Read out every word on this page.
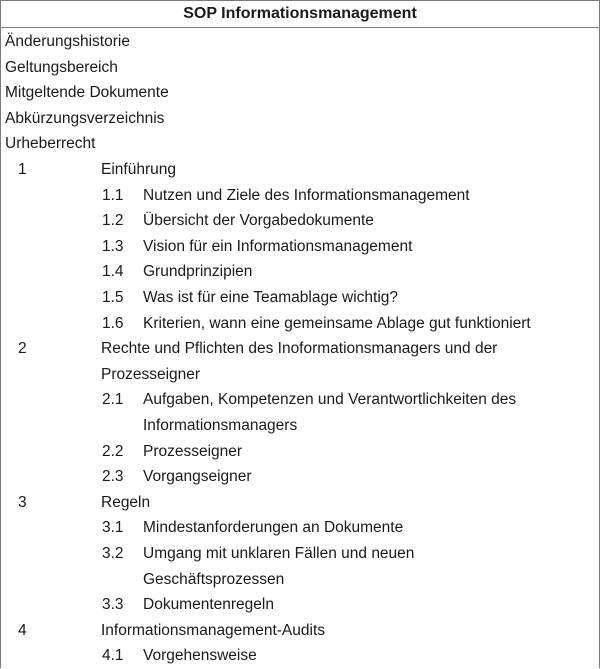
SOP Informationsmanagement
Änderungshistorie
Geltungsbereich
Mitgeltende Dokumente
Abkürzungsverzeichnis
Urheberrecht
1	Einführung
1.1 Nutzen und Ziele des Informationsmanagement
1.2 Übersicht der Vorgabedokumente
1.3 Vision für ein Informationsmanagement
1.4 Grundprinzipien
1.5 Was ist für eine Teamablage wichtig?
1.6 Kriterien, wann eine gemeinsame Ablage gut funktioniert
2	Rechte und Pflichten des Inoformationsmanagers und der
Prozesseigner
2.1 Aufgaben, Kompetenzen und Verantwortlichkeiten des
Informationsmanagers
2.2 Prozesseigner
2.3 Vorgangseigner
3	Regeln
3.1 Mindestanforderungen an Dokumente
3.2 Umgang mit unklaren Fällen und neuen
Geschäftsprozessen
3.3 Dokumentenregeln
4	Informationsmanagement-Audits
4.1 Vorgehensweise
